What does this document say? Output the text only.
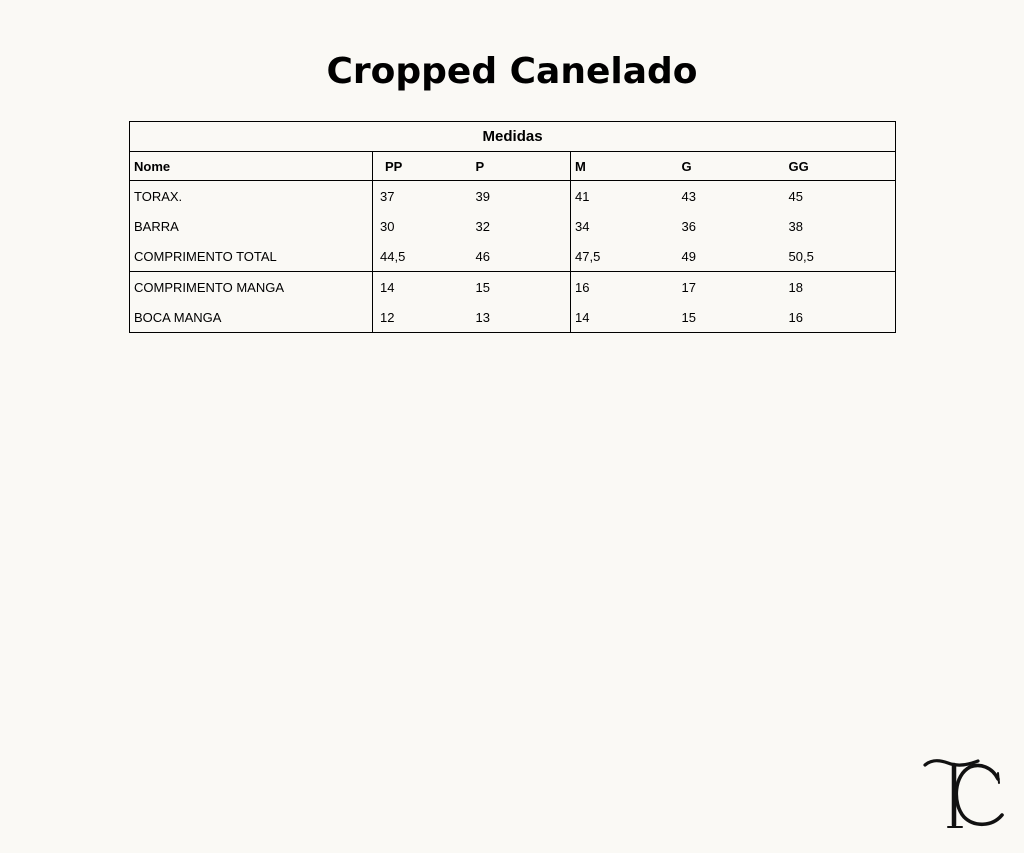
Cropped Canelado
Medidas					
Nome	PP	P	M	G	GG
TORAX.	37	39	41	43	45
BARRA	30	32	34	36	38
COMPRIMENTO TOTAL	44,5	46	47,5	49	50,5
COMPRIMENTO MANGA	14	15	16	17	18
BOCA MANGA	12	13	14	15	16
